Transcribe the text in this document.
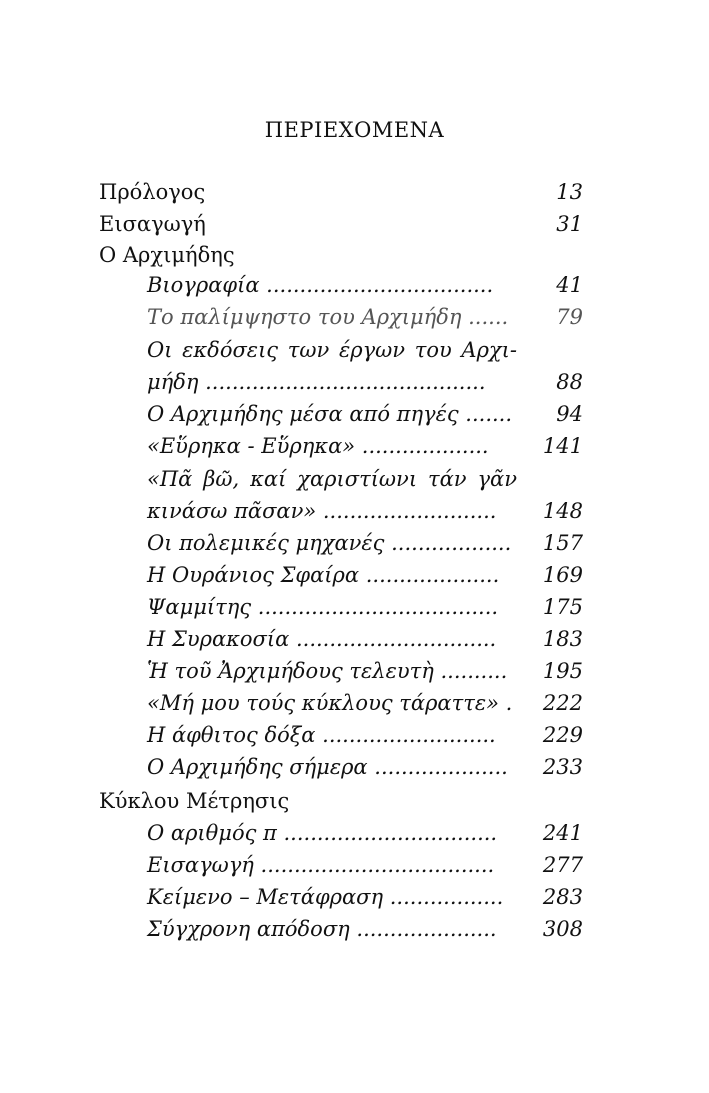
ΠΕΡΙΕΧΟΜΕΝΑ
Πρόλογος	13
Εισαγωγή	31
Ο Αρχιμήδης
Βιογραφία ..................................	41
Το παλίμψηστο του Αρχιμήδη ...... 79
Οι εκδόσεις των έργων του Αρχι-
μήδη ..........................................	88
Ο Αρχιμήδης μέσα από πηγές ....... 94
«Εὕρηκα - Εὕρηκα» ...................	141
«Πᾶ βῶ, καί χαριστίωνι τάν γᾶν
κινάσω πᾶσαν» .......................... 148
Οι πολεμικές μηχανές .................. 157
Η Ουράνιος Σφαίρα .................... 169
Ψαμμίτης .................................... 175
Η Συρακοσία .............................. 183
Ἡ τοῦ Ἀρχιμήδους τελευτὴ .......... 195
«Μή μου τούς κύκλους τάραττε» . 222
Η άφθιτος δόξα .......................... 229
Ο Αρχιμήδης σήμερα .................... 233
Κύκλου Μέτρησις
Ο αριθμός π ................................ 241
Εισαγωγή ................................... 277
Κείμενο – Μετάφραση ................. 283
Σύγχρονη απόδοση ..................... 308
